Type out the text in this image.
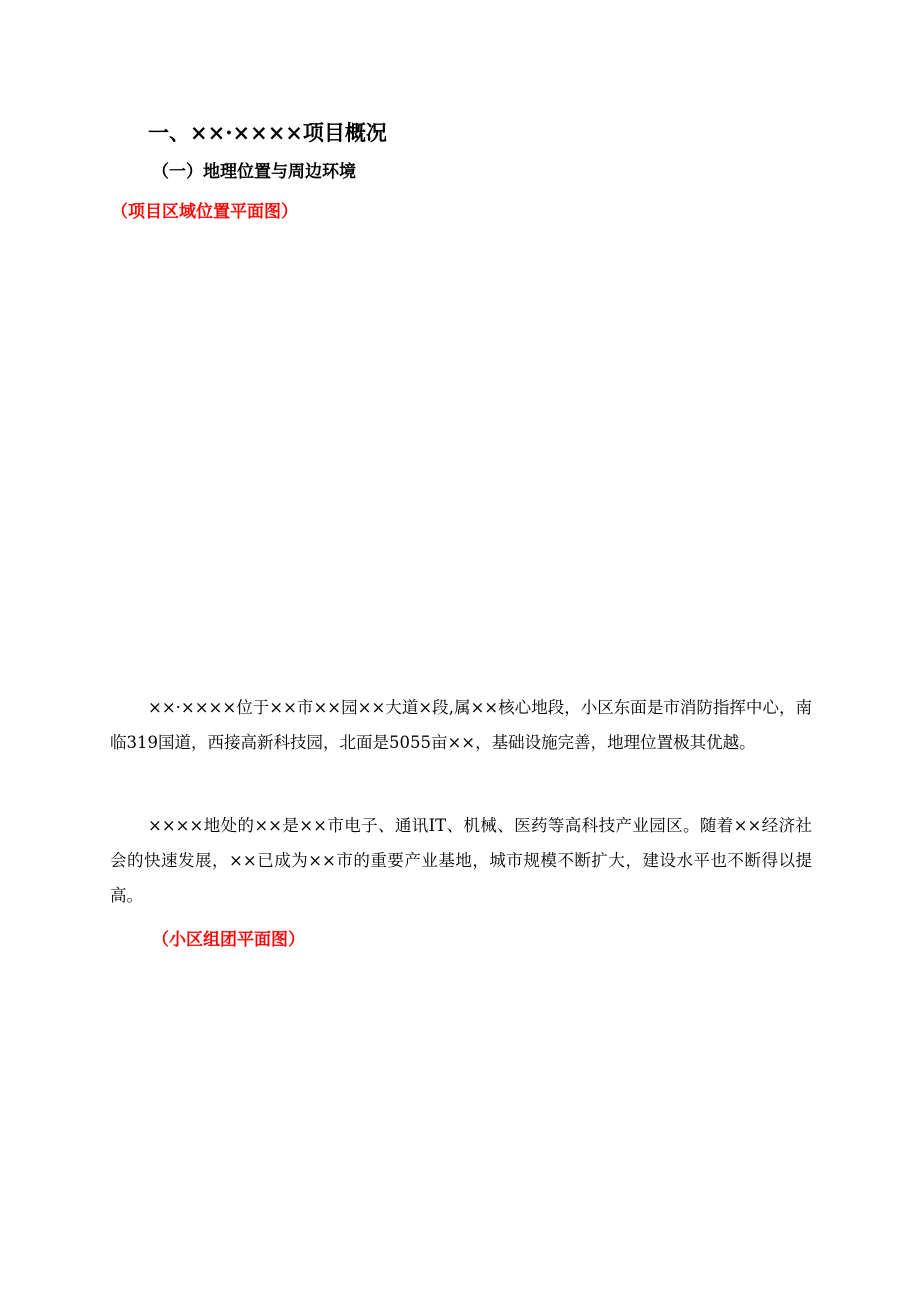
一、××·××××项目概况
（一）地理位置与周边环境
（项目区域位置平面图）

××·××××位于××市××园××大道×段,属××核心地段，小区东面是市消防指挥中心，南临319国道，西接高新科技园，北面是5055亩××，基础设施完善，地理位置极其优越。

××××地处的××是××市电子、通讯IT、机械、医药等高科技产业园区。随着××经济社会的快速发展，××已成为××市的重要产业基地，城市规模不断扩大，建设水平也不断得以提高。

（小区组团平面图）
